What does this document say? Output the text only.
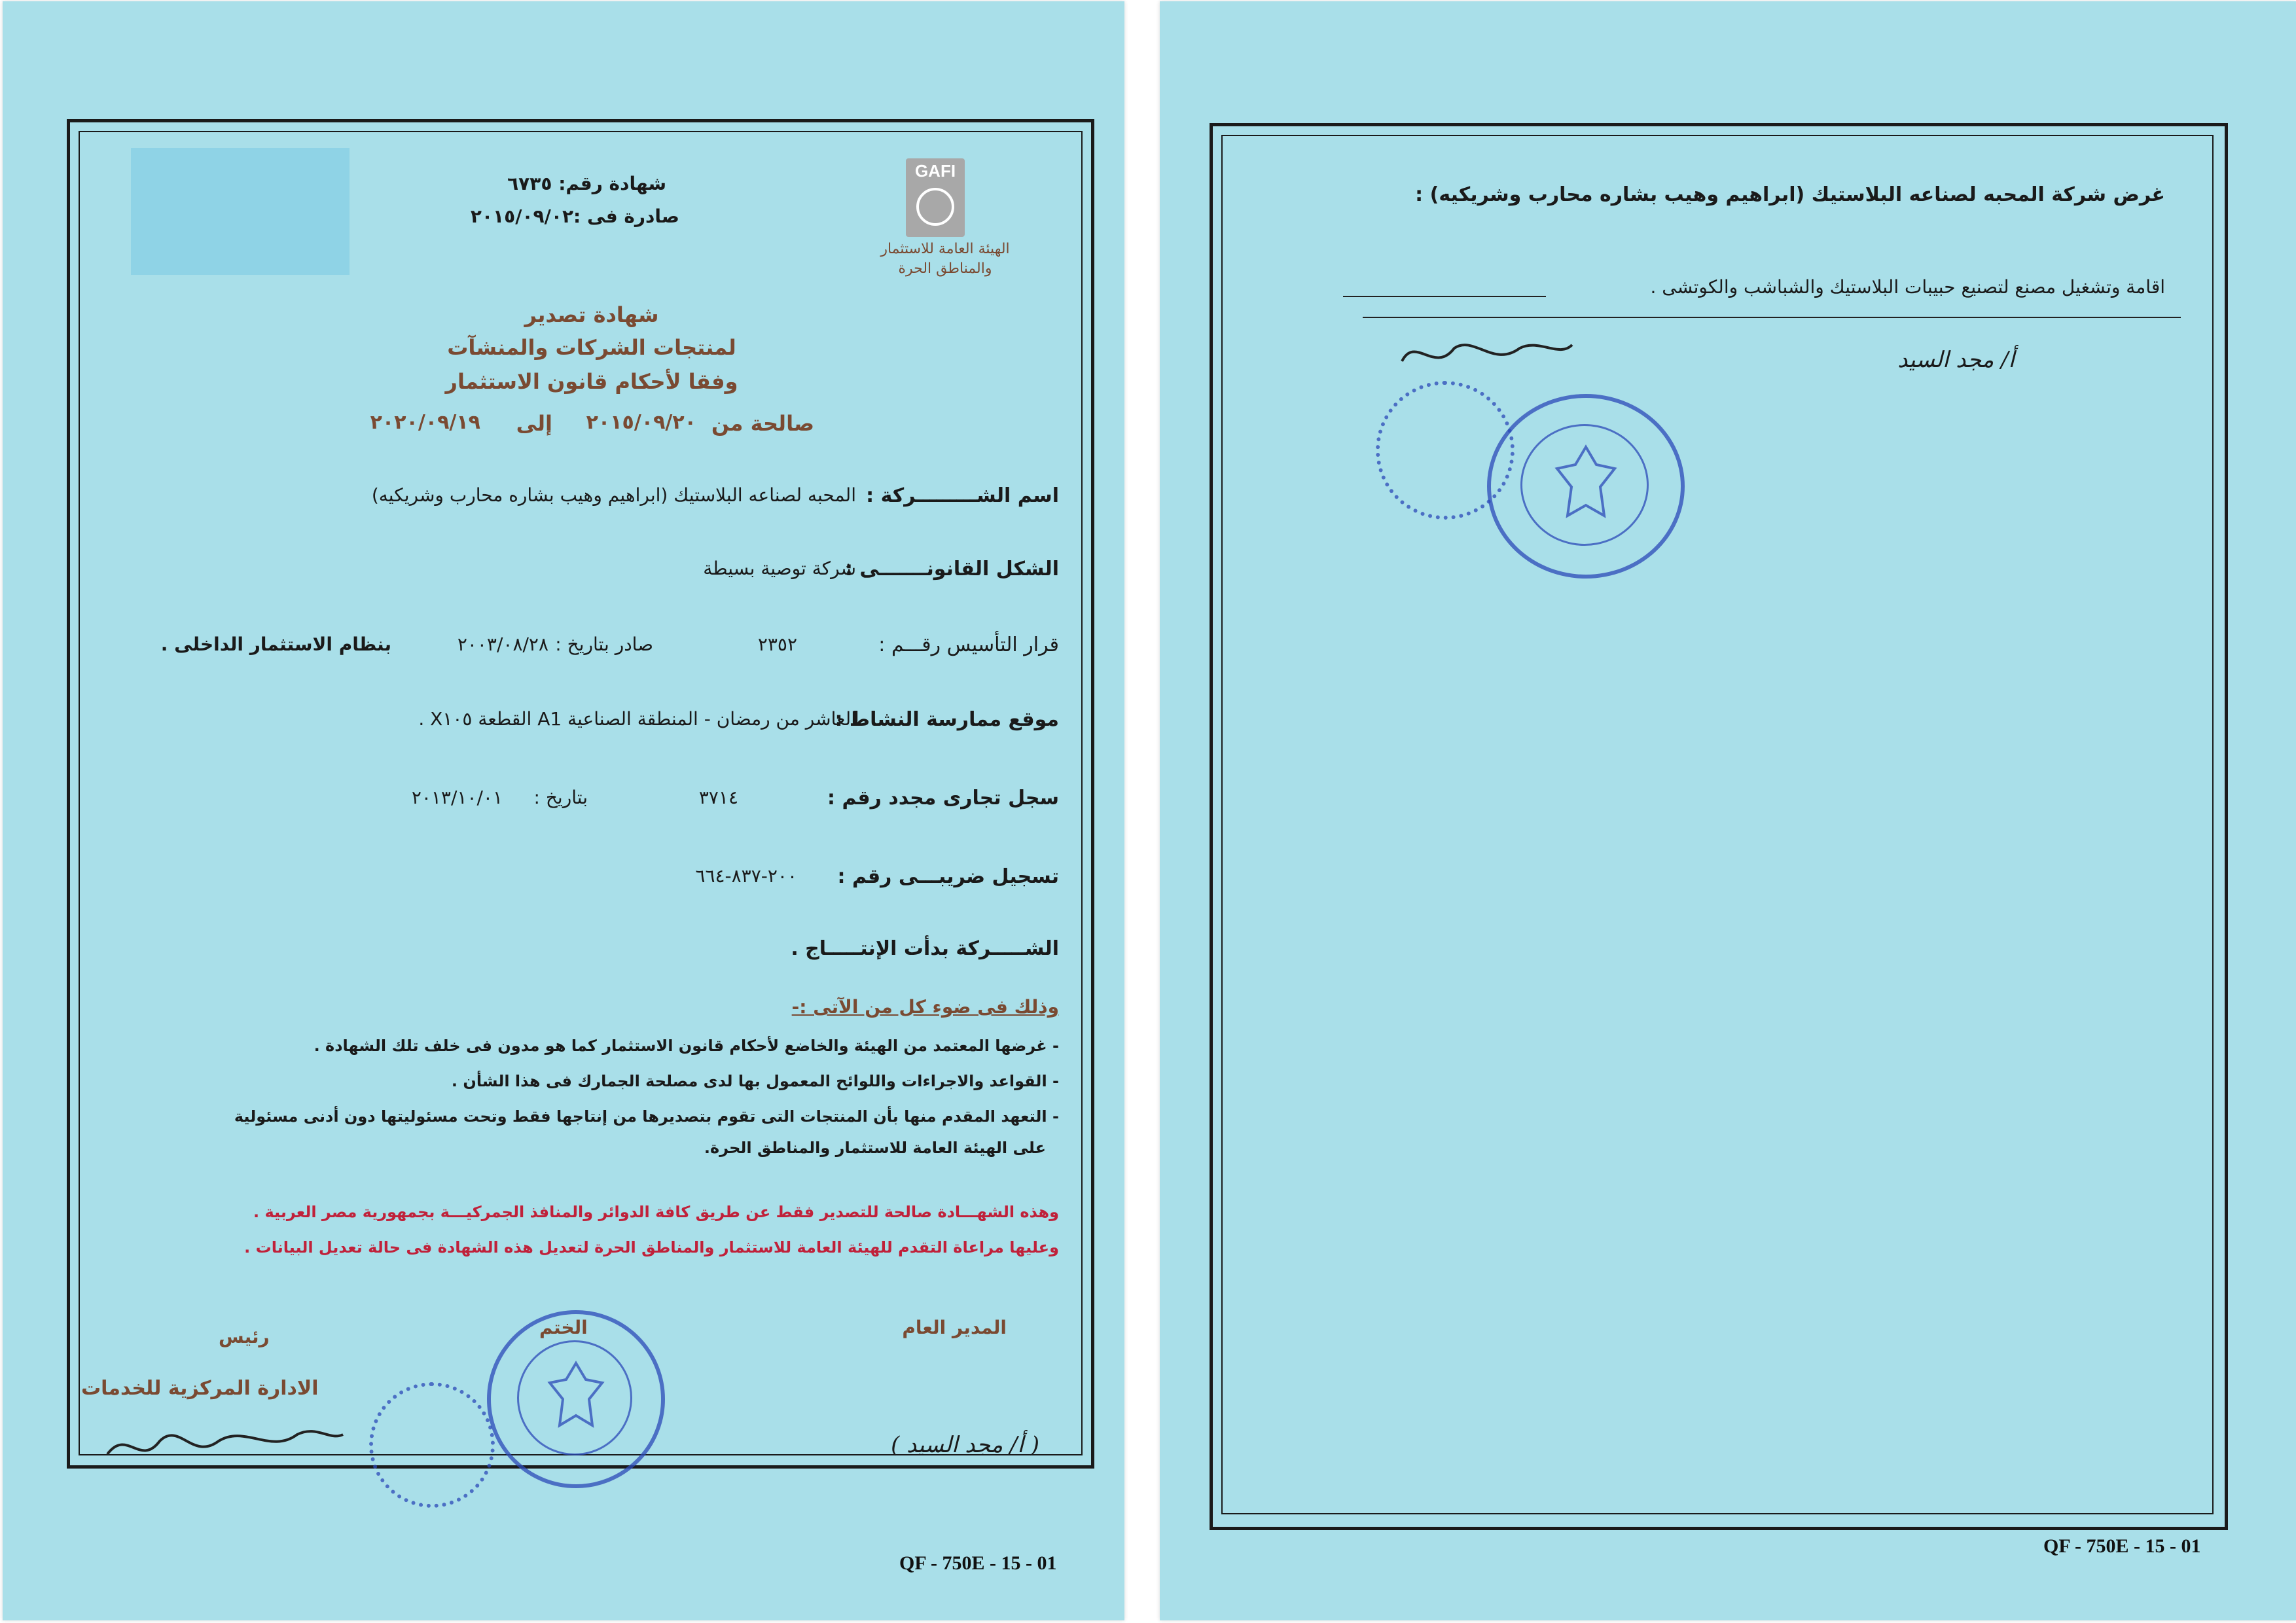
GAFI
الهيئة العامة للاستثمار
والمناطق الحرة
شهادة رقم: ٦٧٣٥
صادرة فى :٢٠١٥/٠٩/٠٢
شهادة تصدير
لمنتجات الشركات والمنشآت
وفقا لأحكام قانون الاستثمار
صالحة من
٢٠١٥/٠٩/٢٠
إلى
٢٠٢٠/٠٩/١٩
اسم الشـــــــــركة :
المحبه لصناعه البلاستيك (ابراهيم وهيب بشاره محارب وشريكيه)
الشكل القانونـــــــى :
شركة توصية بسيطة
قرار التأسيس رقـــم :
٢٣٥٢
صادر بتاريخ :
٢٠٠٣/٠٨/٢٨
بنظام الاستثمار الداخلى .
موقع ممارسة النشاط :
العاشر من رمضان - المنطقة الصناعية A1 القطعة X١٠٥ .
سجل تجارى مجدد رقم :
٣٧١٤
بتاريخ :
٢٠١٣/١٠/٠١
تسجيل ضريبـــى رقم :
٢٠٠-٨٣٧-٦٦٤
الشـــــركة بدأت الإنتـــــاج .
وذلك فى ضوء كل من الآتى :-
- غرضها المعتمد من الهيئة والخاضع لأحكام قانون الاستثمار كما هو مدون فى خلف تلك الشهادة .
- القواعد والاجراءات واللوائح المعمول بها لدى مصلحة الجمارك فى هذا الشأن .
- التعهد المقدم منها بأن المنتجات التى تقوم بتصديرها من إنتاجها فقط وتحت مسئوليتها دون أدنى مسئولية
على الهيئة العامة للاستثمار والمناطق الحرة.
وهذه الشهـــادة صالحة للتصدير فقط عن طريق كافة الدوائر والمنافذ الجمركيـــة بجمهورية مصر العربية .
وعليها مراعاة التقدم للهيئة العامة للاستثمار والمناطق الحرة لتعديل هذه الشهادة فى حالة تعديل البيانات .
المدير العام
الختم
رئيس
الادارة المركزية للخدمات
( أ/ مجد السيد )
QF - 750E - 15 - 01
غرض شركة المحبه لصناعه البلاستيك (ابراهيم وهيب بشاره محارب وشريكيه) :
اقامة وتشغيل مصنع لتصنيع حبيبات البلاستيك والشباشب والكوتشى .
أ/ مجد السيد
QF - 750E - 15 - 01
